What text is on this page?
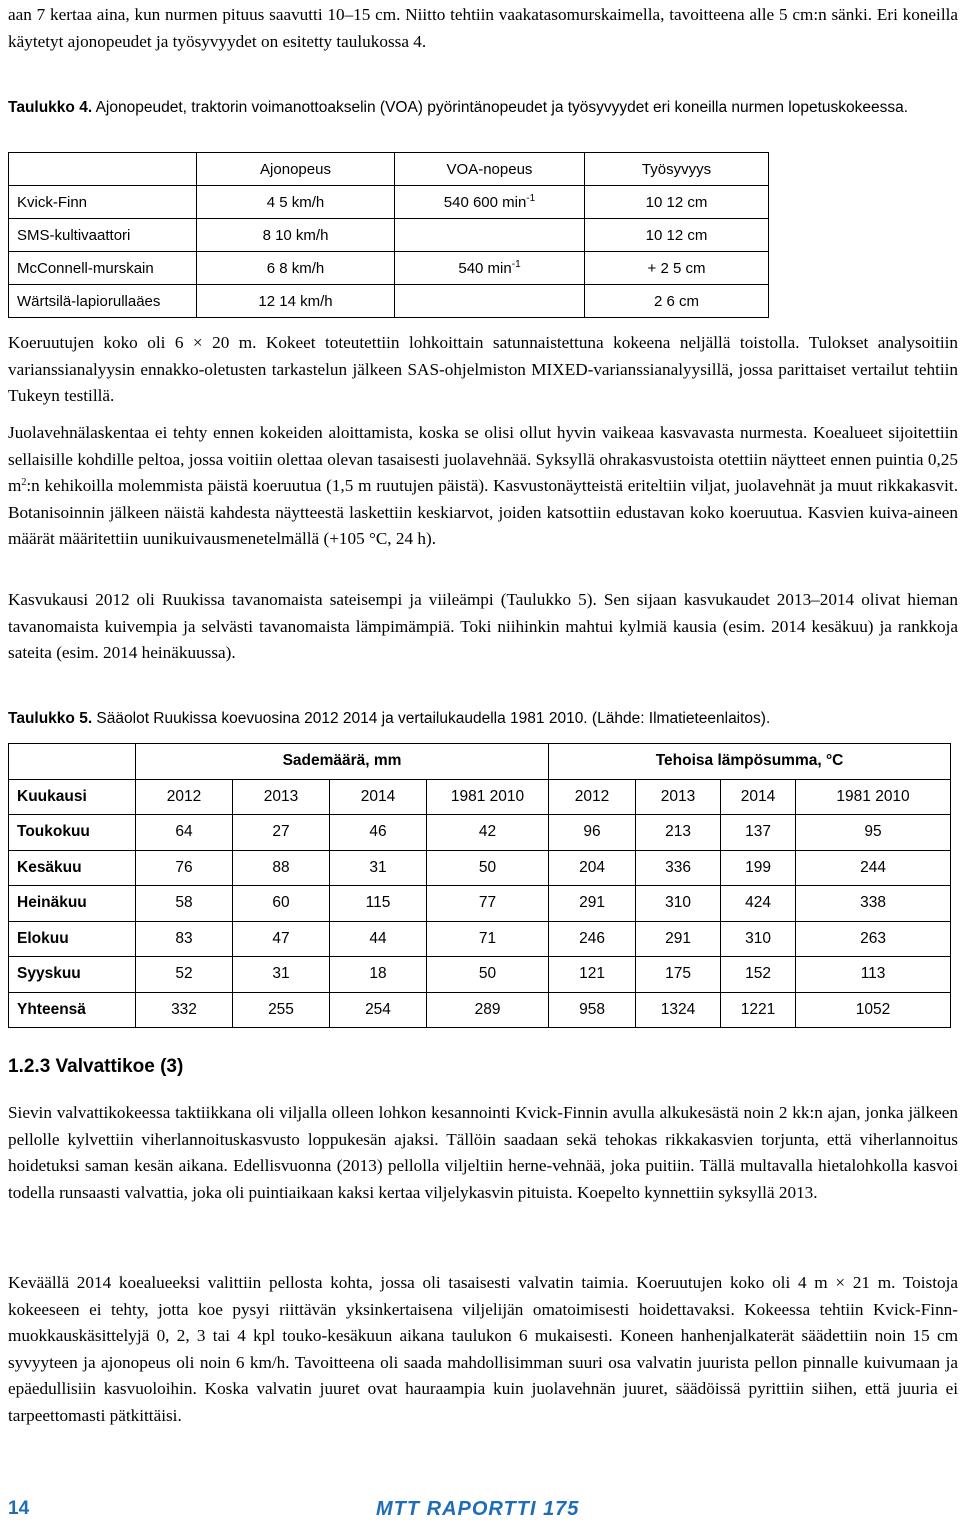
aan 7 kertaa aina, kun nurmen pituus saavutti 10–15 cm. Niitto tehtiin vaakatasomurskaimella, tavoitteena alle 5 cm:n sänki. Eri koneilla käytetyt ajonopeudet ja työsyvyydet on esitetty taulukossa 4.

Taulukko 4. Ajonopeudet, traktorin voimanottoakselin (VOA) pyörintänopeudet ja työsyvyydet eri koneilla nurmen lopetuskokeessa.

	Ajonopeus	VOA-nopeus	Työsyvyys
Kvick-Finn	4 5 km/h	540 600 $\min^{-1}$	10 12 cm
SMS-kultivaattori	8 10 km/h		10 12 cm
McConnell-murskain	6 8 km/h	540 $\min^{-1}$	+ 2 5 cm
Wärtsilä-lapiorullaäes	12 14 km/h		2 6 cm

Koeruutujen koko oli 6 × 20 m. Kokeet toteutettiin lohkoittain satunnaistettuna kokeena neljällä toistolla. Tulokset analysoitiin varianssianalyysin ennakko-oletusten tarkastelun jälkeen SAS-ohjelmiston MIXED-varianssianalyysillä, jossa parittaiset vertailut tehtiin Tukeyn testillä.

Juolavehnälaskentaa ei tehty ennen kokeiden aloittamista, koska se olisi ollut hyvin vaikeaa kasvavasta nurmesta. Koealueet sijoitettiin sellaisille kohdille peltoa, jossa voitiin olettaa olevan tasaisesti juolavehnää. Syksyllä ohrakasvustoista otettiin näytteet ennen puintia 0,25 $m^2:n$ kehikoilla molemmista päistä koeruutua (1,5 m ruutujen päistä). Kasvustonäytteistä eriteltiin viljat, juolavehnät ja muut rikkakasvit. Botanisoinnin jälkeen näistä kahdesta näytteestä laskettiin keskiarvot, joiden katsottiin edustavan koko koeruutua. Kasvien kuiva-aineen määrät määritettiin uunikuivausmenetelmällä (+105 °C, 24 h).

Kasvukausi 2012 oli Ruukissa tavanomaista sateisempi ja viileämpi (Taulukko 5). Sen sijaan kasvukaudet 2013–2014 olivat hieman tavanomaista kuivempia ja selvästi tavanomaista lämpimämpiä. Toki niihinkin mahtui kylmiä kausia (esim. 2014 kesäkuu) ja rankkoja sateita (esim. 2014 heinäkuussa).

Taulukko 5. Sääolot Ruukissa koevuosina 2012 2014 ja vertailukaudella 1981 2010. (Lähde: Ilmatieteenlaitos).

	Sademäärä, mm				Tehoisa lämpösumma, °C			
Kuukausi	2012	2013	2014	1981 2010	2012	2013	2014	1981 2010
Toukokuu	64	27	46	42	96	213	137	95
Kesäkuu	76	88	31	50	204	336	199	244
Heinäkuu	58	60	115	77	291	310	424	338
Elokuu	83	47	44	71	246	291	310	263
Syyskuu	52	31	18	50	121	175	152	113
Yhteensä	332	255	254	289	958	1324	1221	1052
1.2.3 Valvattikoe (3)

Sievin valvattikokeessa taktiikkana oli viljalla olleen lohkon kesannointi Kvick-Finnin avulla alkukesästä noin 2 kk:n ajan, jonka jälkeen pellolle kylvettiin viherlannoituskasvusto loppukesän ajaksi. Tällöin saadaan sekä tehokas rikkakasvien torjunta, että viherlannoitus hoidetuksi saman kesän aikana. Edellisvuonna (2013) pellolla viljeltiin herne-vehnää, joka puitiin. Tällä multavalla hietalohkolla kasvoi todella runsaasti valvattia, joka oli puintiaikaan kaksi kertaa viljelykasvin pituista. Koepelto kynnettiin syksyllä 2013.

Keväällä 2014 koealueeksi valittiin pellosta kohta, jossa oli tasaisesti valvatin taimia. Koeruutujen koko oli 4 m × 21 m. Toistoja kokeeseen ei tehty, jotta koe pysyi riittävän yksinkertaisena viljelijän omatoimisesti hoidettavaksi. Kokeessa tehtiin Kvick-Finn-muokkauskäsittelyjä 0, 2, 3 tai 4 kpl touko-kesäkuun aikana taulukon 6 mukaisesti. Koneen hanhenjalkaterät säädettiin noin 15 cm syvyyteen ja ajonopeus oli noin 6 km/h. Tavoitteena oli saada mahdollisimman suuri osa valvatin juurista pellon pinnalle kuivumaan ja epäedullisiin kasvuoloihin. Koska valvatin juuret ovat hauraampia kuin juolavehnän juuret, säädöissä pyrittiin siihen, että juuria ei tarpeettomasti pätkittäisi.

14	MTT RAPORTTI 175
